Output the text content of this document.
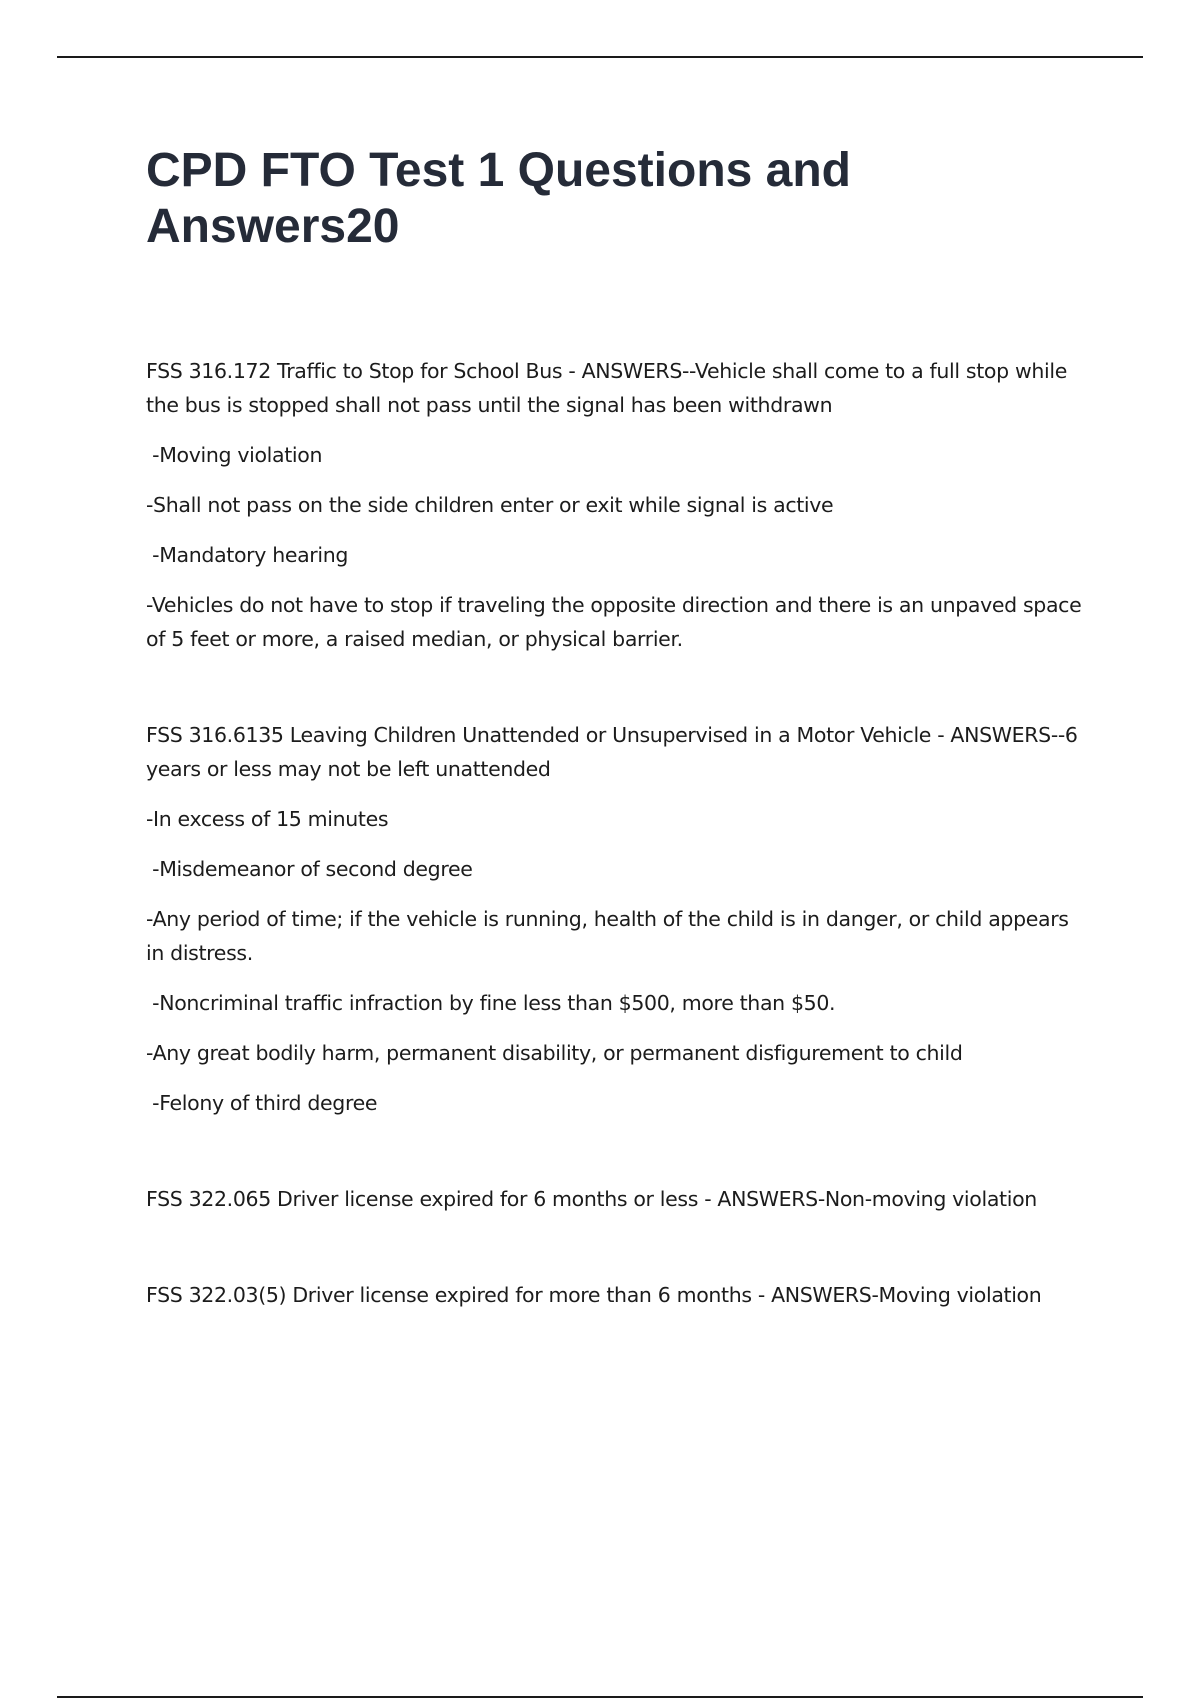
CPD FTO Test 1 Questions and Answers20

FSS 316.172 Traffic to Stop for School Bus - ANSWERS--Vehicle shall come to a full stop while the bus is stopped shall not pass until the signal has been withdrawn

-Moving violation

-Shall not pass on the side children enter or exit while signal is active

-Mandatory hearing

-Vehicles do not have to stop if traveling the opposite direction and there is an unpaved space of 5 feet or more, a raised median, or physical barrier.

FSS 316.6135 Leaving Children Unattended or Unsupervised in a Motor Vehicle - ANSWERS--6 years or less may not be left unattended

-In excess of 15 minutes

-Misdemeanor of second degree

-Any period of time; if the vehicle is running, health of the child is in danger, or child appears in distress.

-Noncriminal traffic infraction by fine less than $500, more than $50.

-Any great bodily harm, permanent disability, or permanent disfigurement to child

-Felony of third degree

FSS 322.065 Driver license expired for 6 months or less - ANSWERS-Non-moving violation

FSS 322.03(5) Driver license expired for more than 6 months - ANSWERS-Moving violation
